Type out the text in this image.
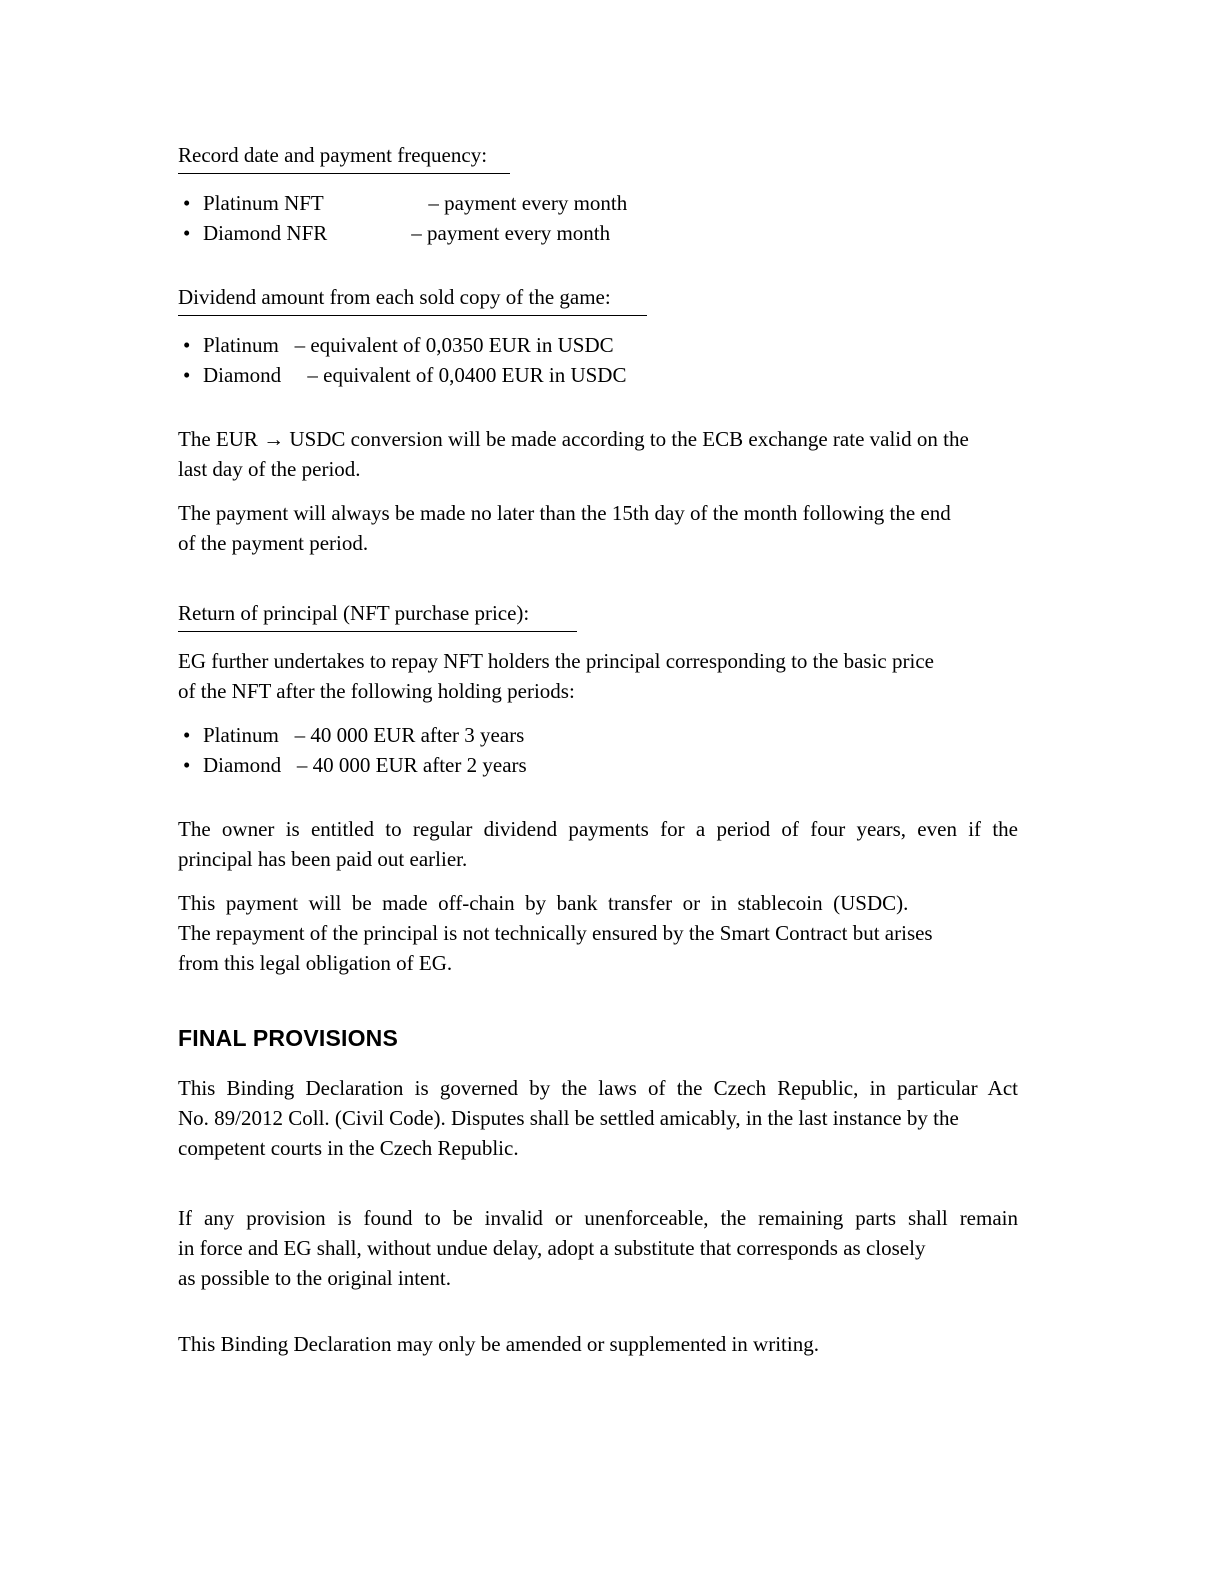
Record date and payment frequency:
• Platinum NFT                    – payment every month
• Diamond NFR                – payment every month
Dividend amount from each sold copy of the game:
• Platinum   – equivalent of 0,0350 EUR in USDC
• Diamond     – equivalent of 0,0400 EUR in USDC
The EUR → USDC conversion will be made according to the ECB exchange rate valid on the
last day of the period.
The payment will always be made no later than the 15th day of the month following the end
of the payment period.
Return of principal (NFT purchase price):
EG further undertakes to repay NFT holders the principal corresponding to the basic price
of the NFT after the following holding periods:
• Platinum   – 40 000 EUR after 3 years
• Diamond   – 40 000 EUR after 2 years
The owner is entitled to regular dividend payments for a period of four years, even if the
principal has been paid out earlier.
This  payment  will  be  made  off-chain  by  bank  transfer  or  in  stablecoin  (USDC).
The repayment of the principal is not technically ensured by the Smart Contract but arises
from this legal obligation of EG.
FINAL PROVISIONS
This Binding Declaration is governed by the laws of the Czech Republic, in particular Act
No. 89/2012 Coll. (Civil Code). Disputes shall be settled amicably, in the last instance by the
competent courts in the Czech Republic.
If any provision is found to be invalid or unenforceable, the remaining parts shall remain
in force and EG shall, without undue delay, adopt a substitute that corresponds as closely
as possible to the original intent.
This Binding Declaration may only be amended or supplemented in writing.
